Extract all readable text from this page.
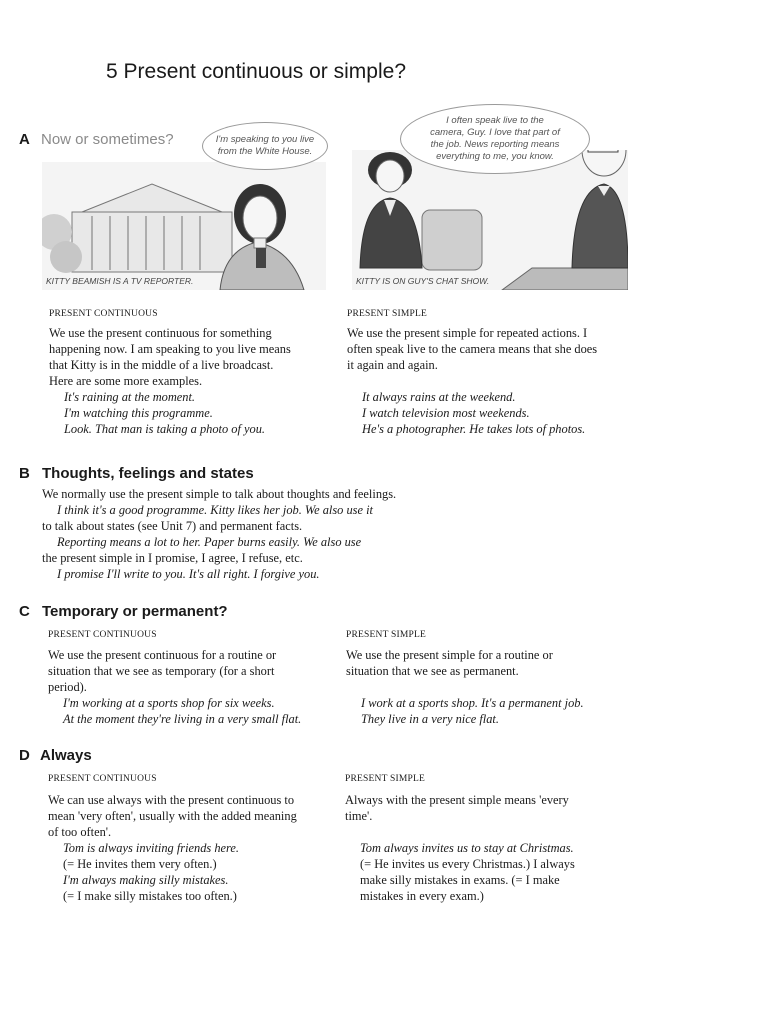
5 Present continuous or simple?
A Now or sometimes?	I'm speaking to you live
from the White House.
KITTY BEAMISH IS A TV REPORTER.
I often speak live to the
camera, Guy. I love that part of
the job. News reporting means
everything to me, you know.
KITTY IS ON GUY'S CHAT SHOW.
PRESENT CONTINUOUS
We use the present continuous for something
happening now. I am speaking to you live means
that Kitty is in the middle of a live broadcast.
Here are some more examples.
It's raining at the moment.
I'm watching this programme.
Look. That man is taking a photo of you.
PRESENT SIMPLE
We use the present simple for repeated actions. I
often speak live to the camera means that she does
it again and again.
It always rains at the weekend.
I watch television most weekends.
He's a photographer. He takes lots of photos.
B Thoughts, feelings and states
We normally use the present simple to talk about thoughts and feelings.
I think it's a good programme. Kitty likes her job. We also use it
to talk about states (see Unit 7) and permanent facts.
Reporting means a lot to her. Paper burns easily. We also use
the present simple in I promise, I agree, I refuse, etc.
I promise I'll write to you. It's all right. I forgive you.
C Temporary or permanent?
PRESENT CONTINUOUS
We use the present continuous for a routine or
situation that we see as temporary (for a short
period).
I'm working at a sports shop for six weeks.
At the moment they're living in a very small flat.
PRESENT SIMPLE
We use the present simple for a routine or
situation that we see as permanent.
I work at a sports shop. It's a permanent job.
They live in a very nice flat.
D Always
PRESENT CONTINUOUS
We can use always with the present continuous to
mean 'very often', usually with the added meaning
of too often'.
Tom is always inviting friends here.
(= He invites them very often.)
I'm always making silly mistakes.
(= I make silly mistakes too often.)
PRESENT SIMPLE
Always with the present simple means 'every
time'.
Tom always invites us to stay at Christmas.
(= He invites us every Christmas.) I always
make silly mistakes in exams. (= I make
mistakes in every exam.)
